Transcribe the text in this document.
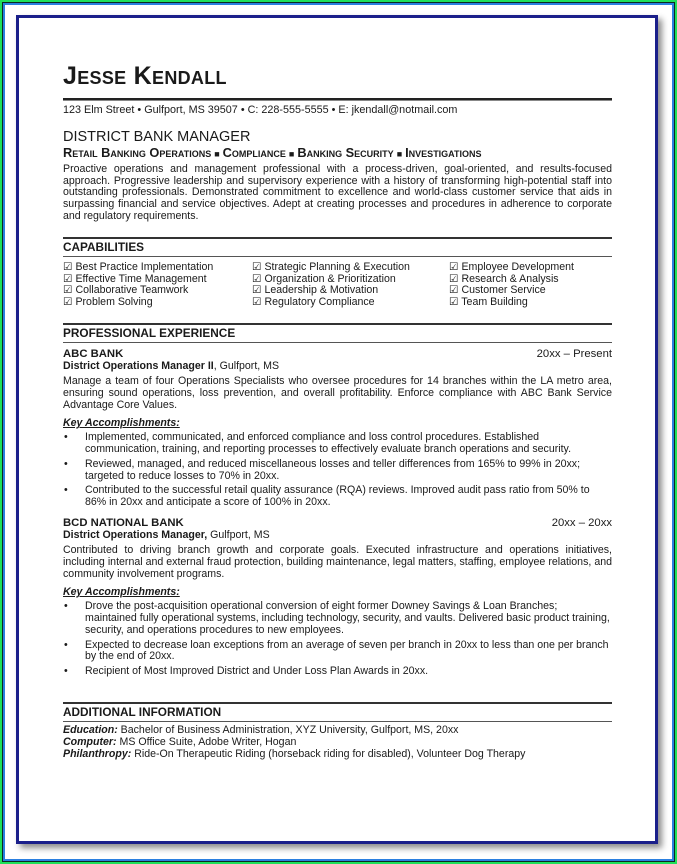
Jesse Kendall
123 Elm Street • Gulfport, MS 39507 • C: 228-555-5555 • E: jkendall@notmail.com
DISTRICT BANK MANAGER
Retail Banking Operations ■ Compliance ■ Banking Security ■ Investigations

Proactive operations and management professional with a process-driven, goal-oriented, and results-focused approach. Progressive leadership and supervisory experience with a history of transforming high-potential staff into outstanding professionals. Demonstrated commitment to excellence and world-class customer service that aids in surpassing financial and service objectives. Adept at creating processes and procedures in adherence to corporate and regulatory requirements.

CAPABILITIES
☑ Best Practice Implementation	☑ Strategic Planning & Execution	☑ Employee Development
☑ Effective Time Management	☑ Organization & Prioritization	☑ Research & Analysis
☑ Collaborative Teamwork	☑ Leadership & Motivation	☑ Customer Service
☑ Problem Solving	☑ Regulatory Compliance	☑ Team Building
PROFESSIONAL EXPERIENCE
ABC BANK	20xx – Present
District Operations Manager II, Gulfport, MS

Manage a team of four Operations Specialists who oversee procedures for 14 branches within the LA metro area, ensuring sound operations, loss prevention, and overall profitability. Enforce compliance with ABC Bank Service Advantage Core Values.

Key Accomplishments:
• Implemented, communicated, and enforced compliance and loss control procedures. Established communication, training, and reporting processes to effectively evaluate branch operations and security.
• Reviewed, managed, and reduced miscellaneous losses and teller differences from 165% to 99% in 20xx; targeted to reduce losses to 70% in 20xx.
• Contributed to the successful retail quality assurance (RQA) reviews. Improved audit pass ratio from 50% to 86% in 20xx and anticipate a score of 100% in 20xx.
BCD NATIONAL BANK	20xx – 20xx
District Operations Manager, Gulfport, MS

Contributed to driving branch growth and corporate goals. Executed infrastructure and operations initiatives, including internal and external fraud protection, building maintenance, legal matters, staffing, employee relations, and community involvement programs.

Key Accomplishments:
• Drove the post-acquisition operational conversion of eight former Downey Savings & Loan Branches; maintained fully operational systems, including technology, security, and vaults. Delivered basic product training, security, and operations procedures to new employees.
• Expected to decrease loan exceptions from an average of seven per branch in 20xx to less than one per branch by the end of 20xx.
• Recipient of Most Improved District and Under Loss Plan Awards in 20xx.
ADDITIONAL INFORMATION
Education: Bachelor of Business Administration, XYZ University, Gulfport, MS, 20xx
Computer: MS Office Suite, Adobe Writer, Hogan
Philanthropy: Ride-On Therapeutic Riding (horseback riding for disabled), Volunteer Dog Therapy
